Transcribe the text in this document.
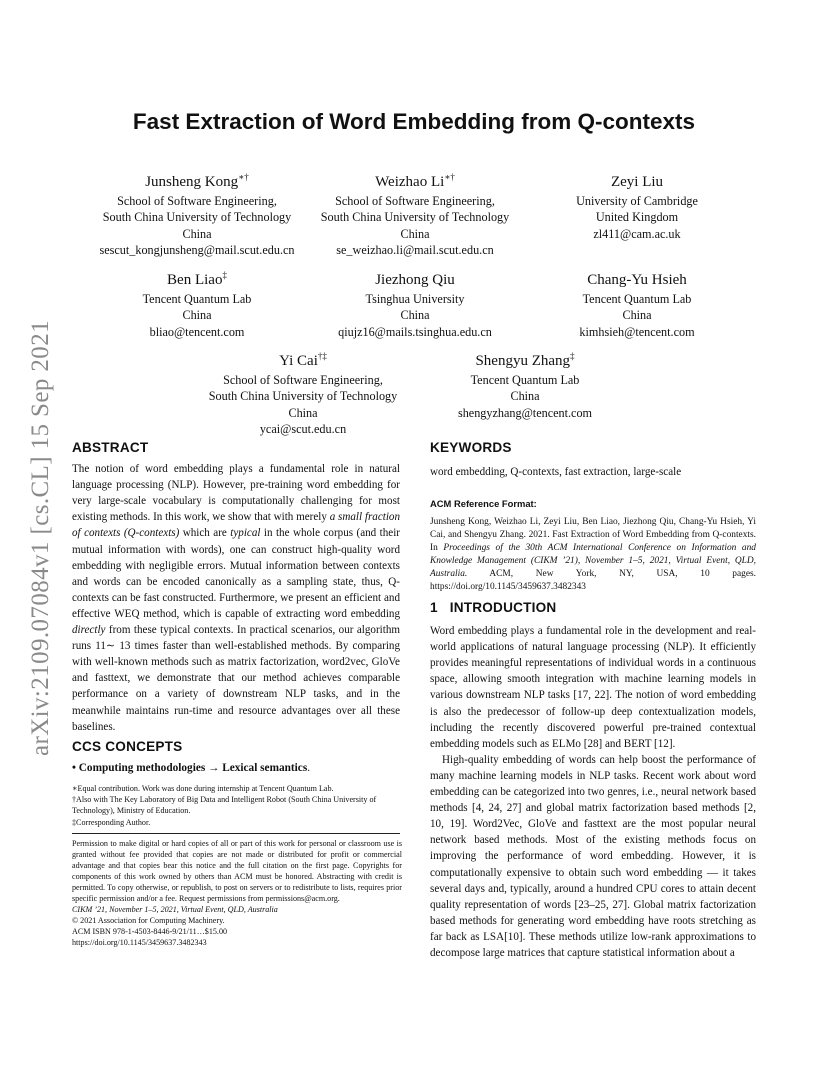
arXiv:2109.07084v1 [cs.CL] 15 Sep 2021
Fast Extraction of Word Embedding from Q-contexts
Junsheng Kong∗†
School of Software Engineering,
South China University of Technology
China
sescut_kongjunsheng@mail.scut.edu.cn
Weizhao Li∗†
School of Software Engineering,
South China University of Technology
China
se_weizhao.li@mail.scut.edu.cn
Zeyi Liu
University of Cambridge
United Kingdom
zl411@cam.ac.uk
Ben Liao‡
Tencent Quantum Lab
China
bliao@tencent.com
Jiezhong Qiu
Tsinghua University
China
qiujz16@mails.tsinghua.edu.cn
Chang-Yu Hsieh
Tencent Quantum Lab
China
kimhsieh@tencent.com
Yi Cai†‡
School of Software Engineering,
South China University of Technology
China
ycai@scut.edu.cn
Shengyu Zhang‡
Tencent Quantum Lab
China
shengyzhang@tencent.com
ABSTRACT

The notion of word embedding plays a fundamental role in natural language processing (NLP). However, pre-training word embedding for very large-scale vocabulary is computationally challenging for most existing methods. In this work, we show that with merely a small fraction of contexts (Q-contexts) which are typical in the whole corpus (and their mutual information with words), one can construct high-quality word embedding with negligible errors. Mutual information between contexts and words can be encoded canonically as a sampling state, thus, Q-contexts can be fast constructed. Furthermore, we present an efficient and effective WEQ method, which is capable of extracting word embedding directly from these typical contexts. In practical scenarios, our algorithm runs 11∼ 13 times faster than well-established methods. By comparing with well-known methods such as matrix factorization, word2vec, GloVe and fasttext, we demonstrate that our method achieves comparable performance on a variety of downstream NLP tasks, and in the meanwhile maintains run-time and resource advantages over all these baselines.

CCS CONCEPTS
• Computing methodologies → Lexical semantics.

∗Equal contribution. Work was done during internship at Tencent Quantum Lab.

†Also with The Key Laboratory of Big Data and Intelligent Robot (South China University of Technology), Ministry of Education.

‡Corresponding Author.

Permission to make digital or hard copies of all or part of this work for personal or classroom use is granted without fee provided that copies are not made or distributed for profit or commercial advantage and that copies bear this notice and the full citation on the first page. Copyrights for components of this work owned by others than ACM must be honored. Abstracting with credit is permitted. To copy otherwise, or republish, to post on servers or to redistribute to lists, requires prior specific permission and/or a fee. Request permissions from permissions@acm.org.

CIKM ’21, November 1–5, 2021, Virtual Event, QLD, Australia

© 2021 Association for Computing Machinery.

ACM ISBN 978-1-4503-8446-9/21/11…$15.00

https://doi.org/10.1145/3459637.3482343

KEYWORDS
word embedding, Q-contexts, fast extraction, large-scale
ACM Reference Format:
Junsheng Kong, Weizhao Li, Zeyi Liu, Ben Liao, Jiezhong Qiu, Chang-Yu Hsieh, Yi Cai, and Shengyu Zhang. 2021. Fast Extraction of Word Embedding from Q-contexts. In Proceedings of the 30th ACM International Conference on Information and Knowledge Management (CIKM ’21), November 1–5, 2021, Virtual Event, QLD, Australia. ACM, New York, NY, USA, 10 pages. https://doi.org/10.1145/3459637.3482343
1 INTRODUCTION

Word embedding plays a fundamental role in the development and real-world applications of natural language processing (NLP). It efficiently provides meaningful representations of individual words in a continuous space, allowing smooth integration with machine learning models in various downstream NLP tasks [17, 22]. The notion of word embedding is also the predecessor of follow-up deep contextualization models, including the recently discovered powerful pre-trained contextual embedding models such as ELMo [28] and BERT [12].

High-quality embedding of words can help boost the performance of many machine learning models in NLP tasks. Recent work about word embedding can be categorized into two genres, i.e., neural network based methods [4, 24, 27] and global matrix factorization based methods [2, 10, 19]. Word2Vec, GloVe and fasttext are the most popular neural network based methods. Most of the existing methods focus on improving the performance of word embedding. However, it is computationally expensive to obtain such word embedding — it takes several days and, typically, around a hundred CPU cores to attain decent quality representation of words [23–25, 27]. Global matrix factorization based methods for generating word embedding have roots stretching as far back as LSA[10]. These methods utilize low-rank approximations to decompose large matrices that capture statistical information about a
